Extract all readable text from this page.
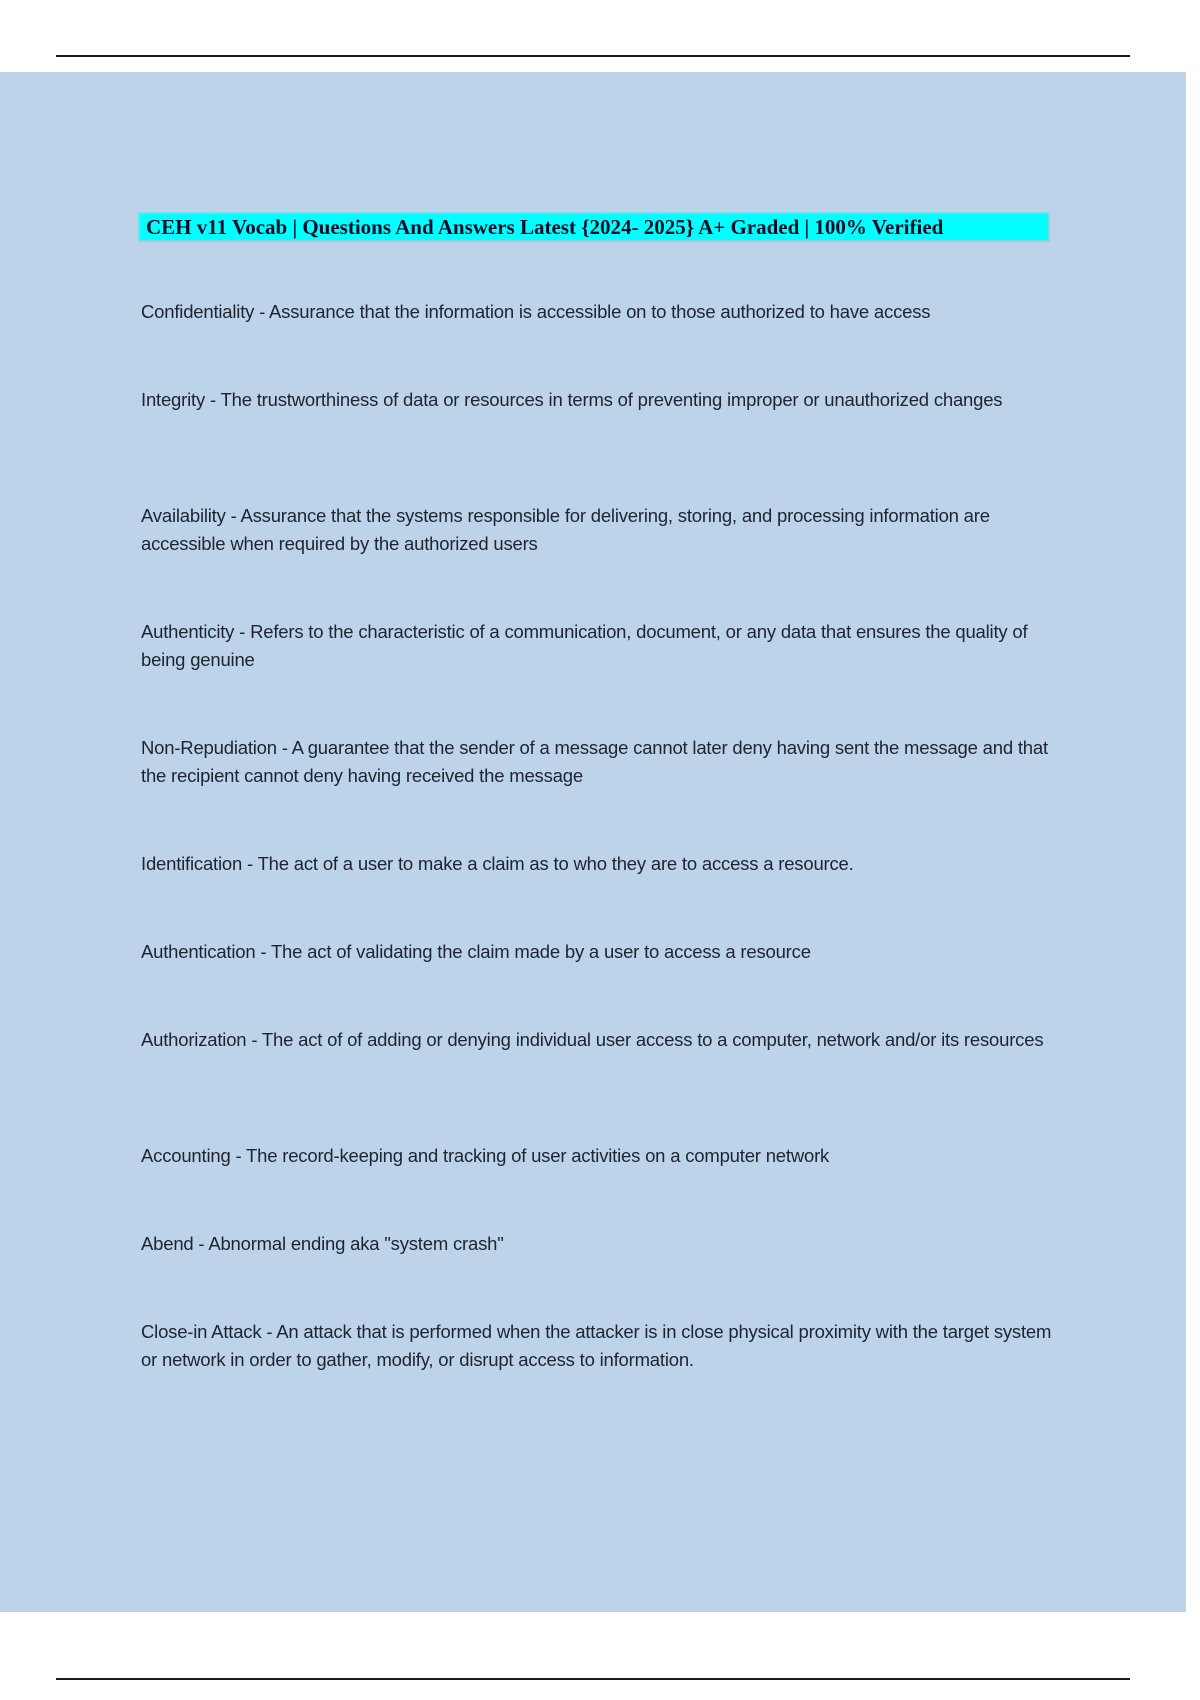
CEH v11 Vocab | Questions And Answers Latest {2024- 2025} A+ Graded | 100% Verified
Confidentiality - Assurance that the information is accessible on to those authorized to have access
Integrity - The trustworthiness of data or resources in terms of preventing improper or unauthorized changes
Availability - Assurance that the systems responsible for delivering, storing, and processing information are accessible when required by the authorized users
Authenticity - Refers to the characteristic of a communication, document, or any data that ensures the quality of being genuine
Non-Repudiation - A guarantee that the sender of a message cannot later deny having sent the message and that the recipient cannot deny having received the message
Identification - The act of a user to make a claim as to who they are to access a resource.
Authentication - The act of validating the claim made by a user to access a resource
Authorization - The act of of adding or denying individual user access to a computer, network and/or its resources
Accounting - The record-keeping and tracking of user activities on a computer network
Abend - Abnormal ending aka "system crash"
Close-in Attack - An attack that is performed when the attacker is in close physical proximity with the target system or network in order to gather, modify, or disrupt access to information.
